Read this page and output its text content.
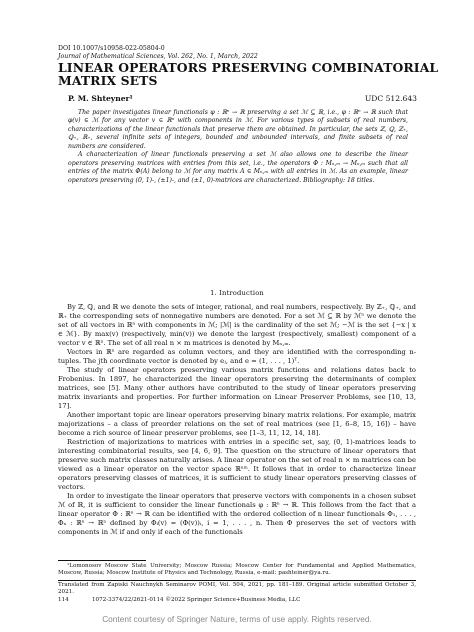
DOI 10.1007/s10958-022-05804-0
Journal of Mathematical Sciences, Vol. 262, No. 1, March, 2022
LINEAR OPERATORS PRESERVING COMBINATORIAL
MATRIX SETS
P. M. Shteyner¹	UDC 512.643

The paper investigates linear functionals φ : ℝⁿ → ℝ preserving a set ℳ ⊆ ℝ, i.e., φ : ℝⁿ → ℝ such that φ(v) ∈ ℳ for any vector v ∈ ℝⁿ with components in ℳ. For various types of subsets of real numbers, characterizations of the linear functionals that preserve them are obtained. In particular, the sets ℤ, ℚ, ℤ₊, ℚ₊, ℝ₊, several infinite sets of integers, bounded and unbounded intervals, and finite subsets of real numbers are considered.

A characterization of linear functionals preserving a set ℳ also allows one to describe the linear operators preserving matrices with entries from this set, i.e., the operators Φ : Mₙ,ₘ → Mₙ,ₘ such that all entries of the matrix Φ(A) belong to ℳ for any matrix A ∈ Mₙ,ₘ with all entries in ℳ. As an example, linear operators preserving (0, 1)-, (±1)-, and (±1, 0)-matrices are characterized. Bibliography: 18 titles.

1. Introduction

By ℤ, ℚ, and ℝ we denote the sets of integer, rational, and real numbers, respectively. By ℤ₊, ℚ₊, and ℝ₊ the corresponding sets of nonnegative numbers are denoted. For a set ℳ ⊆ ℝ by ℳⁿ we denote the set of all vectors in ℝⁿ with components in ℳ; |ℳ| is the cardinality of the set ℳ; −ℳ is the set {−x | x ∈ ℳ}. By max(v) (respectively, min(v)) we denote the largest (respectively, smallest) component of a vector v ∈ ℝⁿ. The set of all real n × m matrices is denoted by Mₙ,ₘ.

Vectors in ℝⁿ are regarded as column vectors, and they are identified with the corresponding n-tuples. The jth coordinate vector is denoted by eⱼ, and e = (1, . . . , 1)ᵀ.

The study of linear operators preserving various matrix functions and relations dates back to Frobenius. In 1897, he characterized the linear operators preserving the determinants of complex matrices, see [5]. Many other authors have contributed to the study of linear operators preserving matrix invariants and properties. For further information on Linear Preserver Problems, see [10, 13, 17].

Another important topic are linear operators preserving binary matrix relations. For example, matrix majorizations – a class of preorder relations on the set of real matrices (see [1, 6–8, 15, 16]) – have become a rich source of linear preserver problems, see [1–3, 11, 12, 14, 18].

Restriction of majorizations to matrices with entries in a specific set, say, (0, 1)-matrices leads to interesting combinatorial results, see [4, 6, 9]. The question on the structure of linear operators that preserve such matrix classes naturally arises. A linear operator on the set of real n × m matrices can be viewed as a linear operator on the vector space ℝⁿᵐ. It follows that in order to characterize linear operators preserving classes of matrices, it is sufficient to study linear operators preserving classes of vectors.

In order to investigate the linear operators that preserve vectors with components in a chosen subset ℳ of ℝ, it is sufficient to consider the linear functionals φ : ℝⁿ → ℝ. This follows from the fact that a linear operator Φ : ℝⁿ → ℝ can be identified with the ordered collection of n linear functionals Φ₁, . . . , Φₙ : ℝⁿ → ℝⁿ defined by Φᵢ(v) = (Φ(v))ᵢ, i = 1, . . . , n. Then Φ preserves the set of vectors with components in ℳ if and only if each of the functionals

¹Lomonosov Moscow State University; Moscow Russia; Moscow Center for Fundamental and Applied Mathematics, Moscow, Russia; Moscow Institute of Physics and Technology, Russia, e-mail: pashteiner@ya.ru.

Translated from Zapiski Nauchnykh Seminarov POMI, Vol. 504, 2021, pp. 181–189. Original article submitted October 3, 2021.
114	1072-3374/22/2621-0114 ©2022 Springer Science+Business Media, LLC
Content courtesy of Springer Nature, terms of use apply. Rights reserved.
